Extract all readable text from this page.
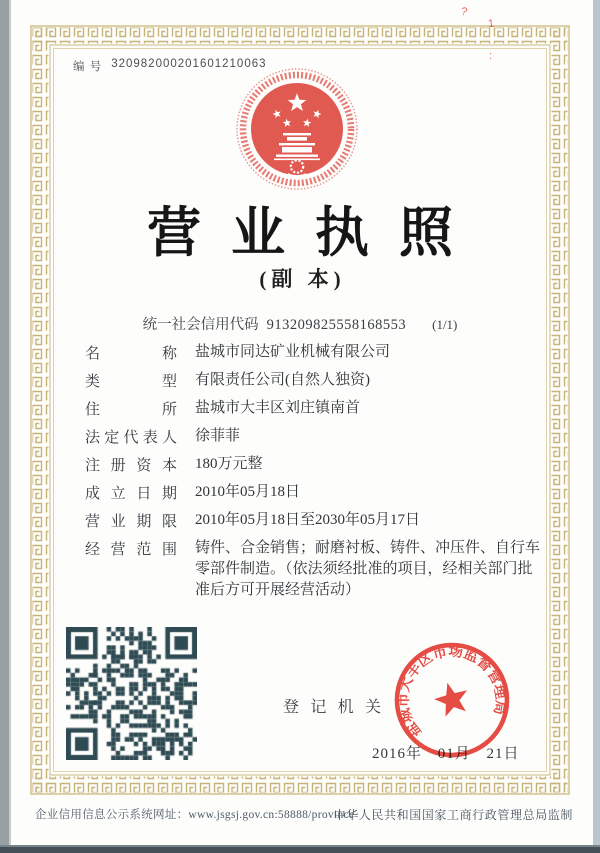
编 号 320982000201601210063
营业执照
(副 本)
统一社会信用代码 913209825558168553 (1/1)
名称 盐城市同达矿业机械有限公司
类型 有限责任公司(自然人独资)
住所 盐城市大丰区刘庄镇南首
法定代表人 徐菲菲
注册资本 180万元整
成立日期 2010年05月18日
营业期限 2010年05月18日至2030年05月17日
经营范围 铸件、合金销售；耐磨衬板、铸件、冲压件、自行车零部件制造。（依法须经批准的项目，经相关部门批准后方可开展经营活动）
登记机关
2016年 01月 21日
盐城市大丰区市场监督管理局
企业信用信息公示系统网址：www.jsgsj.gov.cn:58888/province
中华人民共和国国家工商行政管理总局监制
?
1
:
.
